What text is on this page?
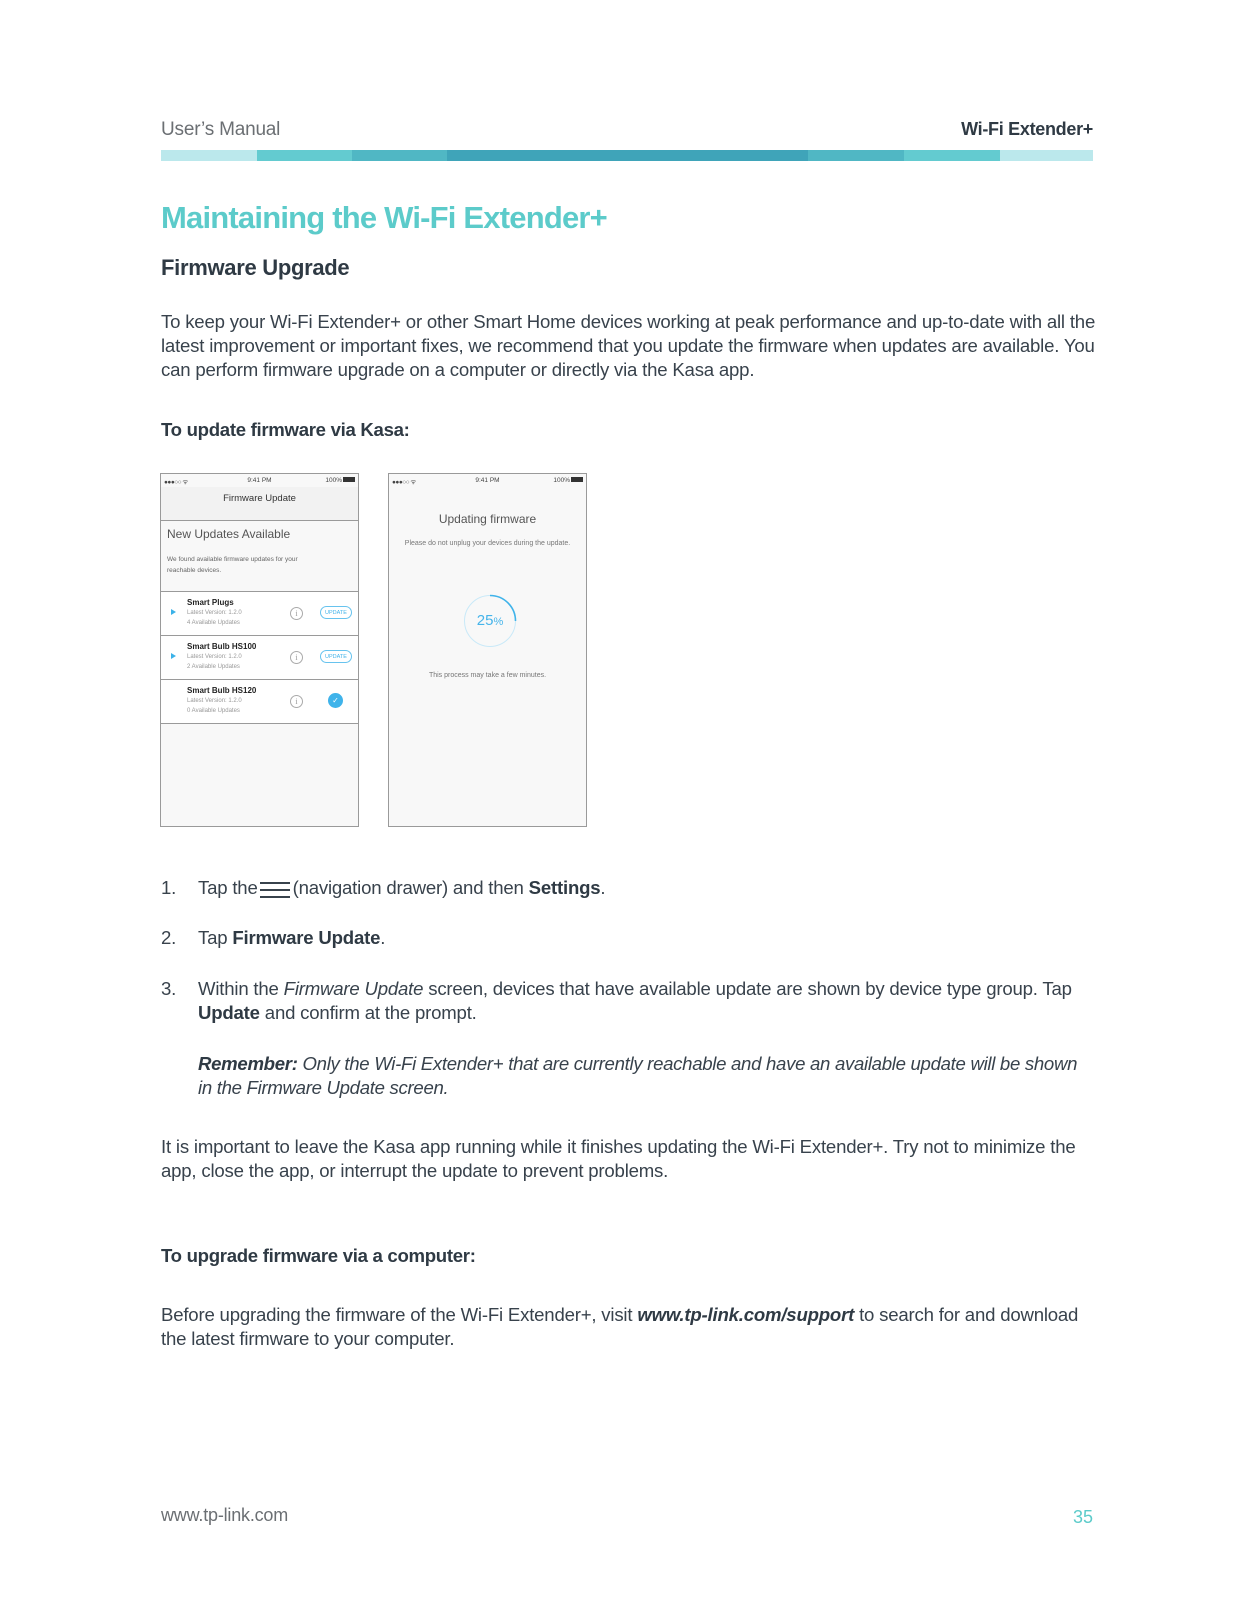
User’s Manual	Wi-Fi Extender+
Maintaining the Wi-Fi Extender+
Firmware Upgrade
To keep your Wi-Fi Extender+ or other Smart Home devices working at peak performance and up-to-date with all the latest improvement or important fixes, we recommend that you update the firmware when updates are available. You can perform firmware upgrade on a computer or directly via the Kasa app.
To update firmware via Kasa:
●●●○○ ᯤ	9:41 PM	100%
Firmware Update
New Updates Available
We found available firmware updates for your reachable devices.
Smart Plugs
Latest Version: 1.2.0
4 Available Updates
i	UPDATE
Smart Bulb HS100
Latest Version: 1.2.0
2 Available Updates
i	UPDATE
Smart Bulb HS120
Latest Version: 1.2.0
0 Available Updates
i	✓
●●●○○ ᯤ	9:41 PM	100%
Updating firmware
Please do not unplug your devices during the update.
25%
This process may take a few minutes.
1. Tap the (navigation drawer) and then Settings.
2. Tap Firmware Update.
3. Within the Firmware Update screen, devices that have available update are shown by device type group. Tap Update and confirm at the prompt.
Remember: Only the Wi-Fi Extender+ that are currently reachable and have an available update will be shown in the Firmware Update screen.
It is important to leave the Kasa app running while it finishes updating the Wi-Fi Extender+. Try not to minimize the app, close the app, or interrupt the update to prevent problems.
To upgrade firmware via a computer:
Before upgrading the firmware of the Wi-Fi Extender+, visit www.tp-link.com/support to search for and download the latest firmware to your computer.
www.tp-link.com	35
